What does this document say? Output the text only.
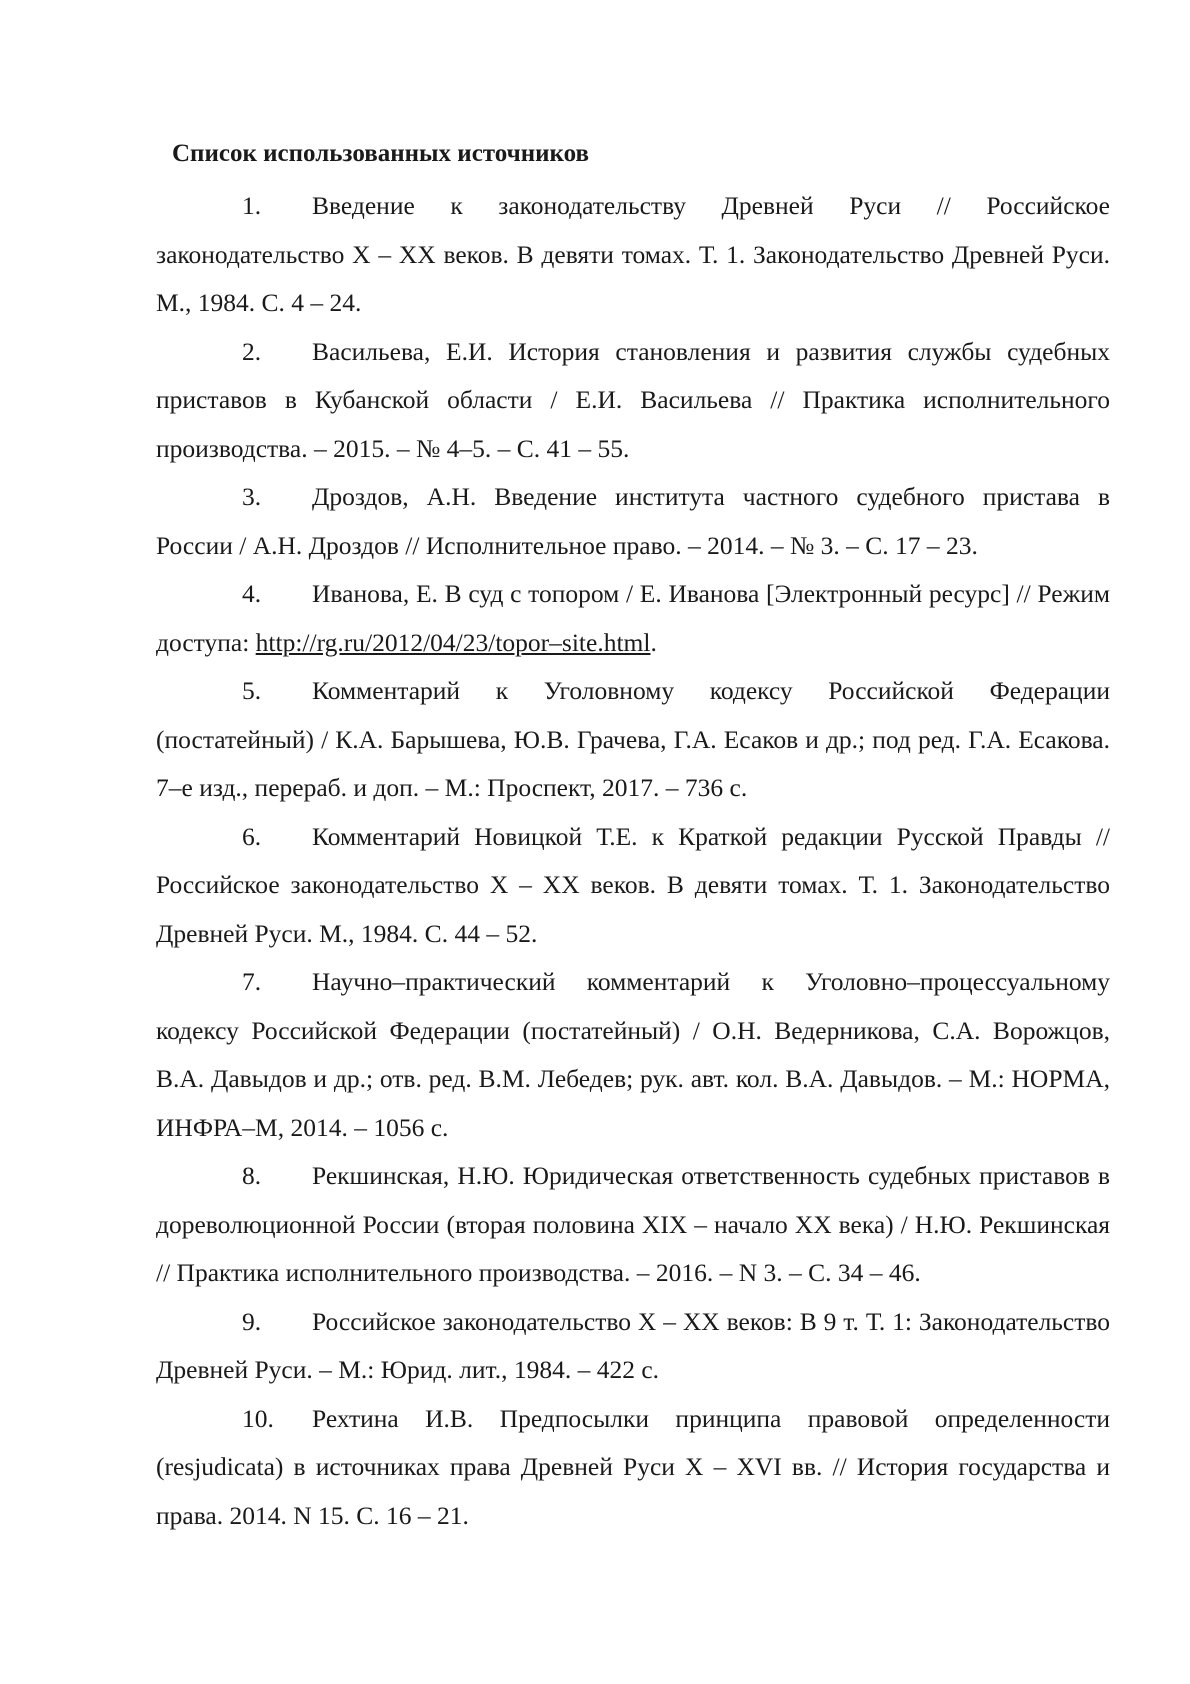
Список использованных источников
1. Введение к законодательству Древней Руси // Российское законодательство X – XX веков. В девяти томах. Т. 1. Законодательство Древней Руси. М., 1984. С. 4 – 24.
2. Васильева, Е.И. История становления и развития службы судебных приставов в Кубанской области / Е.И. Васильева // Практика исполнительного производства. – 2015. – № 4–5. – С. 41 – 55.
3. Дроздов, А.Н. Введение института частного судебного пристава в России / А.Н. Дроздов // Исполнительное право. – 2014. – № 3. – С. 17 – 23.
4. Иванова, Е. В суд с топором / Е. Иванова [Электронный ресурс] // Режим доступа: http://rg.ru/2012/04/23/topor–site.html.
5. Комментарий к Уголовному кодексу Российской Федерации (постатейный) / К.А. Барышева, Ю.В. Грачева, Г.А. Есаков и др.; под ред. Г.А. Есакова. 7–е изд., перераб. и доп. – М.: Проспект, 2017. – 736 с.
6. Комментарий Новицкой Т.Е. к Краткой редакции Русской Правды // Российское законодательство X – XX веков. В девяти томах. Т. 1. Законодательство Древней Руси. М., 1984. С. 44 – 52.
7. Научно–практический комментарий к Уголовно–процессуальному кодексу Российской Федерации (постатейный) / О.Н. Ведерникова, С.А. Ворожцов, В.А. Давыдов и др.; отв. ред. В.М. Лебедев; рук. авт. кол. В.А. Давыдов. – М.: НОРМА, ИНФРА–М, 2014. – 1056 с.
8. Рекшинская, Н.Ю. Юридическая ответственность судебных приставов в дореволюционной России (вторая половина XIX – начало XX века) / Н.Ю. Рекшинская // Практика исполнительного производства. – 2016. – N 3. – С. 34 – 46.
9. Российское законодательство X – XX веков: В 9 т. Т. 1: Законодательство Древней Руси. – М.: Юрид. лит., 1984. – 422 с.
10. Рехтина И.В. Предпосылки принципа правовой определенности (resjudicata) в источниках права Древней Руси X – XVI вв. // История государства и права. 2014. N 15. С. 16 – 21.
